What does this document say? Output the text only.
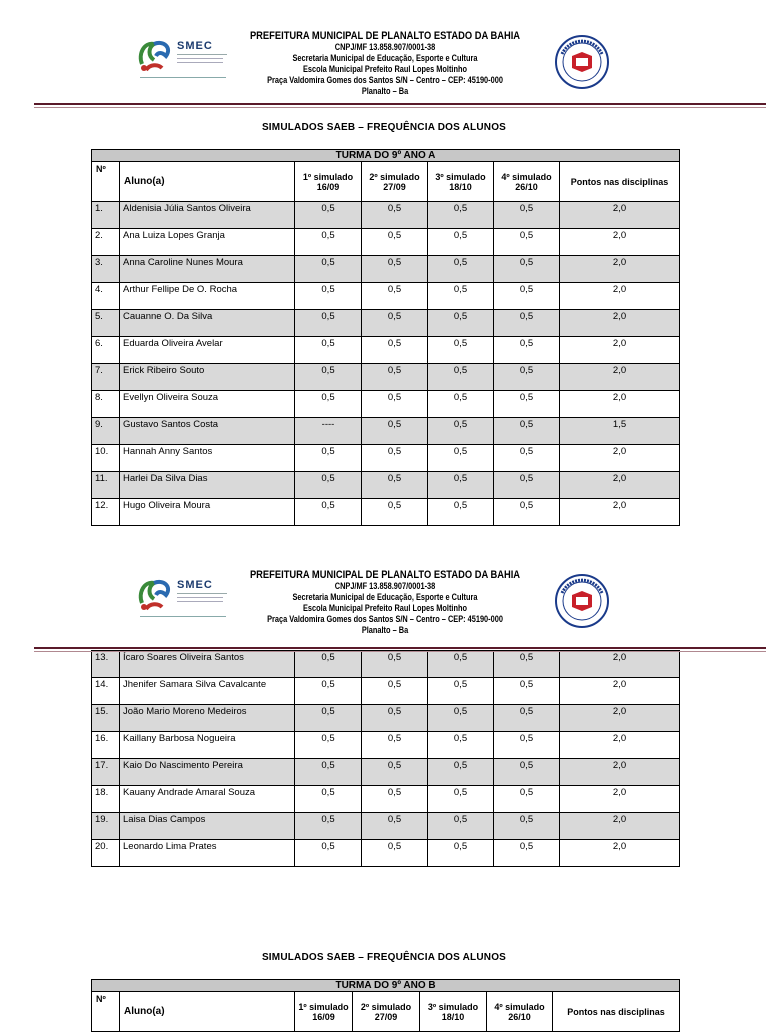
SMEC
PREFEITURA MUNICIPAL DE PLANALTO ESTADO DA BAHIA
CNPJ/MF 13.858.907/0001-38
Secretaria Municipal de Educação, Esporte e Cultura
Escola Municipal Prefeito Raul Lopes Moltinho
Praça Valdomira Gomes dos Santos S/N – Centro – CEP: 45190-000
Planalto – Ba
SIMULADOS SAEB – FREQUÊNCIA DOS ALUNOS
TURMA DO 9º ANO A						
Nº	Aluno(a)	1º simulado 16/09	2º simulado 27/09	3º simulado 18/10	4º simulado 26/10	Pontos nas disciplinas
1.	Aldenisia Júlia Santos Oliveira	0,5	0,5	0,5	0,5	2,0
2.	Ana Luiza Lopes Granja	0,5	0,5	0,5	0,5	2,0
3.	Anna Caroline Nunes Moura	0,5	0,5	0,5	0,5	2,0
4.	Arthur Fellipe De O. Rocha	0,5	0,5	0,5	0,5	2,0
5.	Cauanne O. Da Silva	0,5	0,5	0,5	0,5	2,0
6.	Eduarda Oliveira Avelar	0,5	0,5	0,5	0,5	2,0
7.	Erick Ribeiro Souto	0,5	0,5	0,5	0,5	2,0
8.	Evellyn Oliveira Souza	0,5	0,5	0,5	0,5	2,0
9.	Gustavo Santos Costa	----	0,5	0,5	0,5	1,5
10.	Hannah Anny Santos	0,5	0,5	0,5	0,5	2,0
11.	Harlei Da Silva Dias	0,5	0,5	0,5	0,5	2,0
12.	Hugo Oliveira Moura	0,5	0,5	0,5	0,5	2,0
SMEC
PREFEITURA MUNICIPAL DE PLANALTO ESTADO DA BAHIA
CNPJ/MF 13.858.907/0001-38
Secretaria Municipal de Educação, Esporte e Cultura
Escola Municipal Prefeito Raul Lopes Moltinho
Praça Valdomira Gomes dos Santos S/N – Centro – CEP: 45190-000
Planalto – Ba
13.	Ícaro Soares Oliveira Santos	0,5	0,5	0,5	0,5	2,0
14.	Jhenifer Samara Silva Cavalcante	0,5	0,5	0,5	0,5	2,0
15.	João Mario Moreno Medeiros	0,5	0,5	0,5	0,5	2,0
16.	Kaillany Barbosa Nogueira	0,5	0,5	0,5	0,5	2,0
17.	Kaio Do Nascimento Pereira	0,5	0,5	0,5	0,5	2,0
18.	Kauany Andrade Amaral Souza	0,5	0,5	0,5	0,5	2,0
19.	Laisa Dias Campos	0,5	0,5	0,5	0,5	2,0
20.	Leonardo Lima Prates	0,5	0,5	0,5	0,5	2,0
SIMULADOS SAEB – FREQUÊNCIA DOS ALUNOS
TURMA DO 9º ANO B
Nº	Aluno(a)	1º simulado 16/09	2º simulado 27/09	3º simulado 18/10	4º simulado 26/10	Pontos nas disciplinas
